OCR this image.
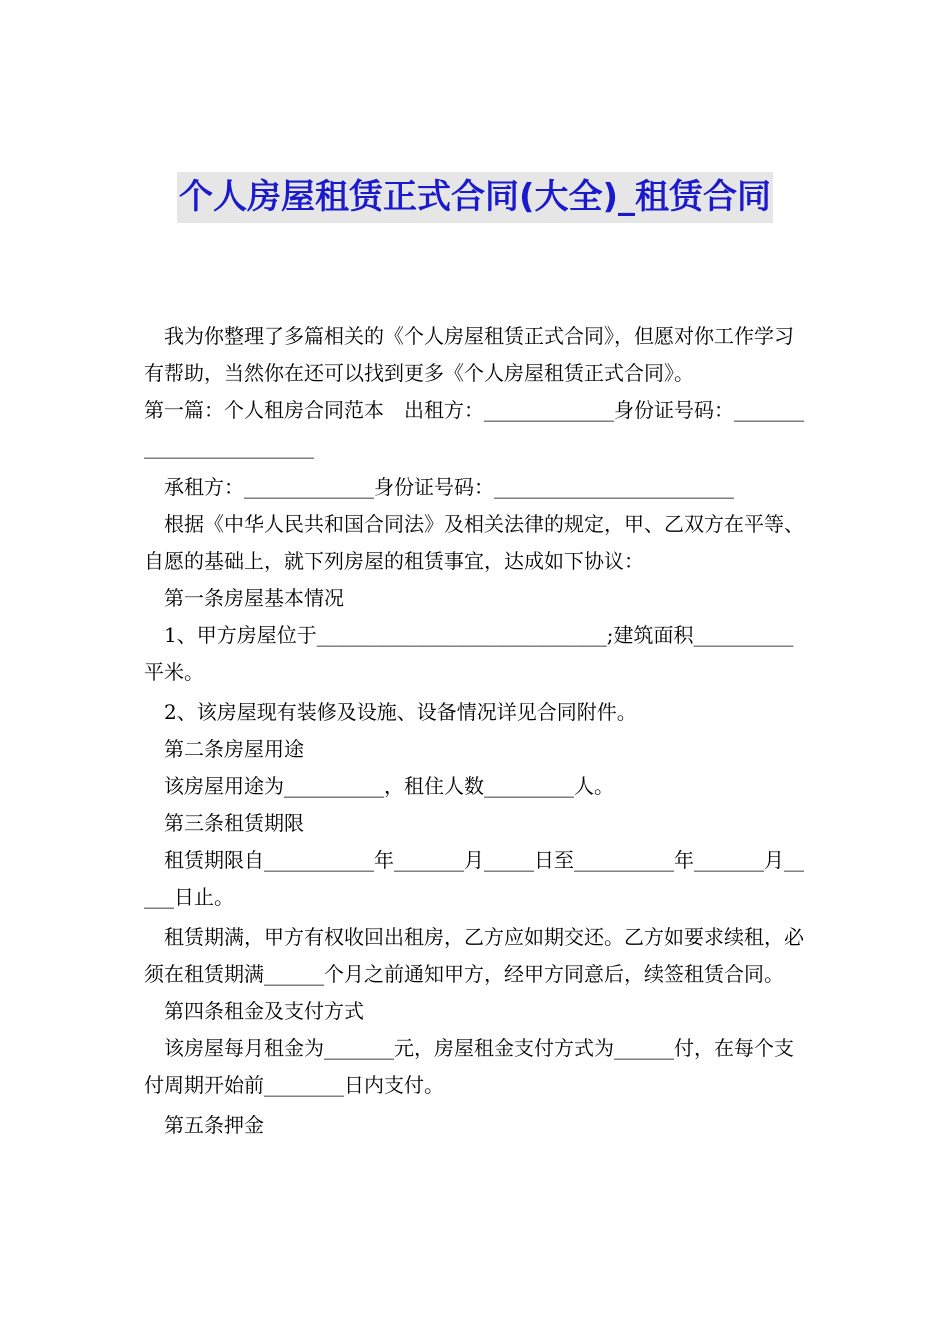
个人房屋租赁正式合同(大全)_租赁合同

我为你整理了多篇相关的《个人房屋租赁正式合同》，但愿对你工作学习有帮助，当然你在还可以找到更多《个人房屋租赁正式合同》。

第一篇：个人租房合同范本　出租方：_____________身份证号码：________________________

承租方：_____________身份证号码：________________________

根据《中华人民共和国合同法》及相关法律的规定，甲、乙双方在平等、自愿的基础上，就下列房屋的租赁事宜，达成如下协议：

第一条房屋基本情况

1、甲方房屋位于_____________________________;建筑面积__________平米。

2、该房屋现有装修及设施、设备情况详见合同附件。

第二条房屋用途

该房屋用途为__________，租住人数_________人。

第三条租赁期限

租赁期限自___________年_______月_____日至__________年_______月_____日止。

租赁期满，甲方有权收回出租房，乙方应如期交还。乙方如要求续租，必须在租赁期满______个月之前通知甲方，经甲方同意后，续签租赁合同。

第四条租金及支付方式

该房屋每月租金为_______元，房屋租金支付方式为______付，在每个支付周期开始前________日内支付。

第五条押金
